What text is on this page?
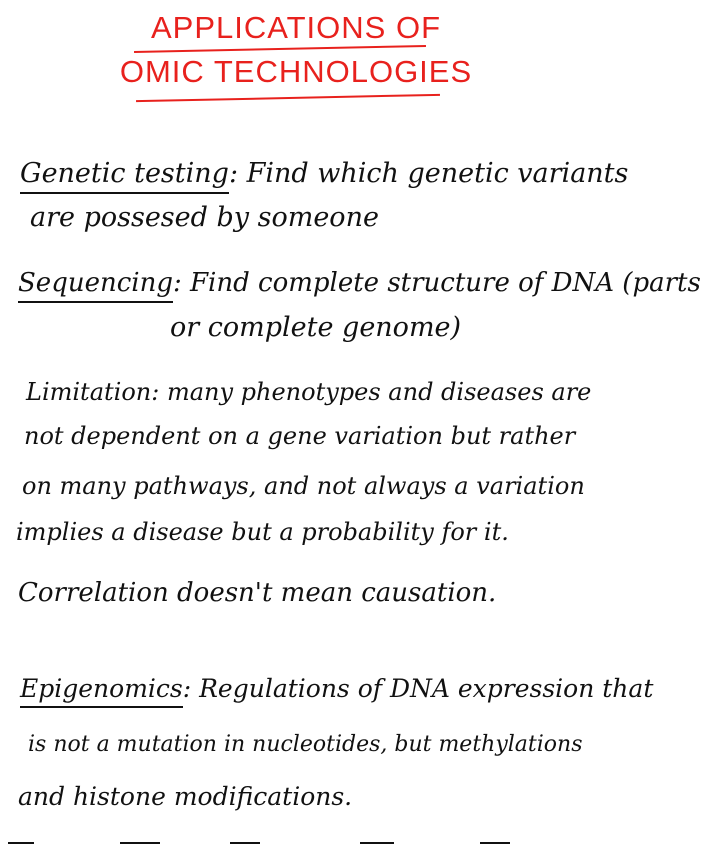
APPLICATIONS OF
OMIC TECHNOLOGIES
Genetic testing: Find which genetic variants
are possesed by someone
Sequencing: Find complete structure of DNA (parts
or complete genome)
Limitation: many phenotypes and diseases are
not dependent on a gene variation but rather
on many pathways, and not always a variation
implies a disease but a probability for it.
Correlation doesn't mean causation.
Epigenomics: Regulations of DNA expression that
is not a mutation in nucleotides, but methylations
and histone modifications.
